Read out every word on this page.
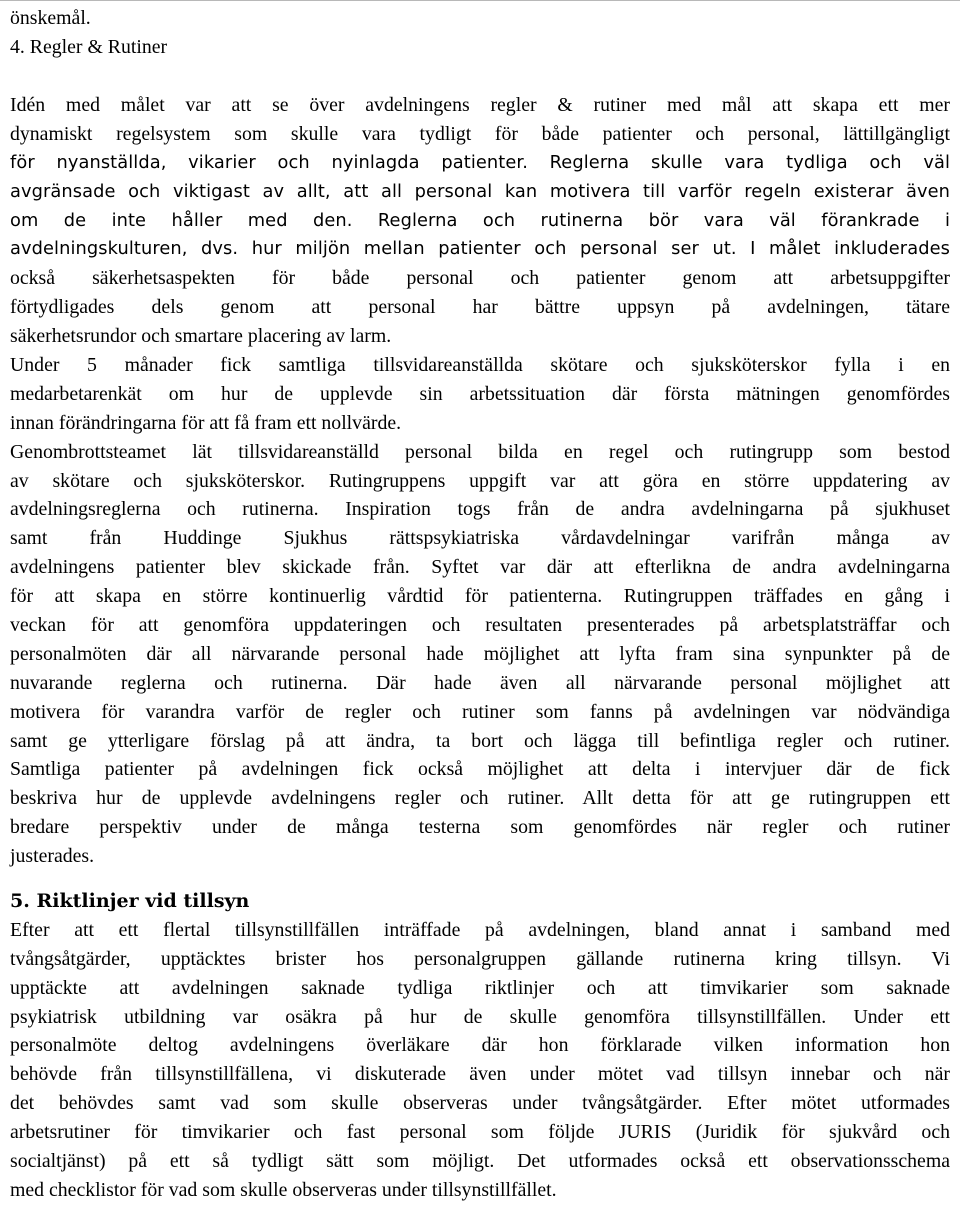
önskemål.
4. Regler & Rutiner
Idén med målet var att se över avdelningens regler & rutiner med mål att skapa ett mer
dynamiskt regelsystem som skulle vara tydligt för både patienter och personal, lättillgängligt
för nyanställda, vikarier och nyinlagda patienter. Reglerna skulle vara tydliga och väl
avgränsade och viktigast av allt, att all personal kan motivera till varför regeln existerar även
om de inte håller med den. Reglerna och rutinerna bör vara väl förankrade i
avdelningskulturen, dvs. hur miljön mellan patienter och personal ser ut. I målet inkluderades
också säkerhetsaspekten för både personal och patienter genom att arbetsuppgifter
förtydligades dels genom att personal har bättre uppsyn på avdelningen, tätare
säkerhetsrundor och smartare placering av larm.
Under 5 månader fick samtliga tillsvidareanställda skötare och sjuksköterskor fylla i en
medarbetarenkät om hur de upplevde sin arbetssituation där första mätningen genomfördes
innan förändringarna för att få fram ett nollvärde.
Genombrottsteamet lät tillsvidareanställd personal bilda en regel och rutingrupp som bestod
av skötare och sjuksköterskor. Rutingruppens uppgift var att göra en större uppdatering av
avdelningsreglerna och rutinerna. Inspiration togs från de andra avdelningarna på sjukhuset
samt från Huddinge Sjukhus rättspsykiatriska vårdavdelningar varifrån många av
avdelningens patienter blev skickade från. Syftet var där att efterlikna de andra avdelningarna
för att skapa en större kontinuerlig vårdtid för patienterna. Rutingruppen träffades en gång i
veckan för att genomföra uppdateringen och resultaten presenterades på arbetsplatsträffar och
personalmöten där all närvarande personal hade möjlighet att lyfta fram sina synpunkter på de
nuvarande reglerna och rutinerna. Där hade även all närvarande personal möjlighet att
motivera för varandra varför de regler och rutiner som fanns på avdelningen var nödvändiga
samt ge ytterligare förslag på att ändra, ta bort och lägga till befintliga regler och rutiner.
Samtliga patienter på avdelningen fick också möjlighet att delta i intervjuer där de fick
beskriva hur de upplevde avdelningens regler och rutiner. Allt detta för att ge rutingruppen ett
bredare perspektiv under de många testerna som genomfördes när regler och rutiner
justerades.
5. Riktlinjer vid tillsyn
Efter att ett flertal tillsynstillfällen inträffade på avdelningen, bland annat i samband med
tvångsåtgärder, upptäcktes brister hos personalgruppen gällande rutinerna kring tillsyn. Vi
upptäckte att avdelningen saknade tydliga riktlinjer och att timvikarier som saknade
psykiatrisk utbildning var osäkra på hur de skulle genomföra tillsynstillfällen. Under ett
personalmöte deltog avdelningens överläkare där hon förklarade vilken information hon
behövde från tillsynstillfällena, vi diskuterade även under mötet vad tillsyn innebar och när
det behövdes samt vad som skulle observeras under tvångsåtgärder. Efter mötet utformades
arbetsrutiner för timvikarier och fast personal som följde JURIS (Juridik för sjukvård och
socialtjänst) på ett så tydligt sätt som möjligt. Det utformades också ett observationsschema
med checklistor för vad som skulle observeras under tillsynstillfället.
